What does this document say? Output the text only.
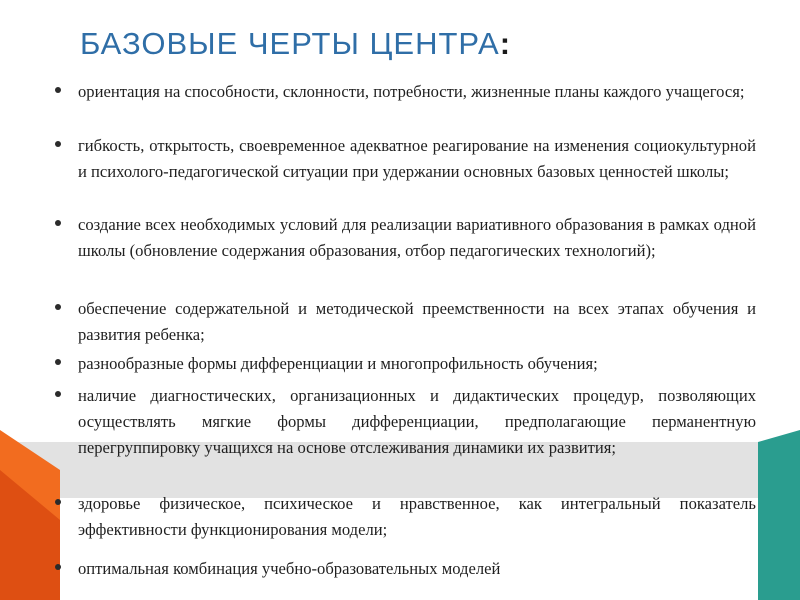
БАЗОВЫЕ ЧЕРТЫ ЦЕНТРА:
ориентация на способности, склонности, потребности, жизненные планы каждого учащегося;
гибкость, открытость, своевременное адекватное реагирование на изменения социокультурной и психолого-педагогической ситуации при удержании основных базовых ценностей школы;
создание всех необходимых условий для реализации вариативного образования в рамках одной школы (обновление содержания образования, отбор педагогических технологий);
обеспечение содержательной и методической преемственности на всех этапах обучения и развития ребенка;
разнообразные формы дифференциации и многопрофильность обучения;
наличие диагностических, организационных и дидактических процедур, позволяющих осуществлять мягкие формы дифференциации, предполагающие перманентную перегруппировку учащихся на основе отслеживания динамики их развития;
здоровье физическое, психическое и нравственное, как интегральный показатель эффективности функционирования модели;
оптимальная комбинация учебно-образовательных моделей
